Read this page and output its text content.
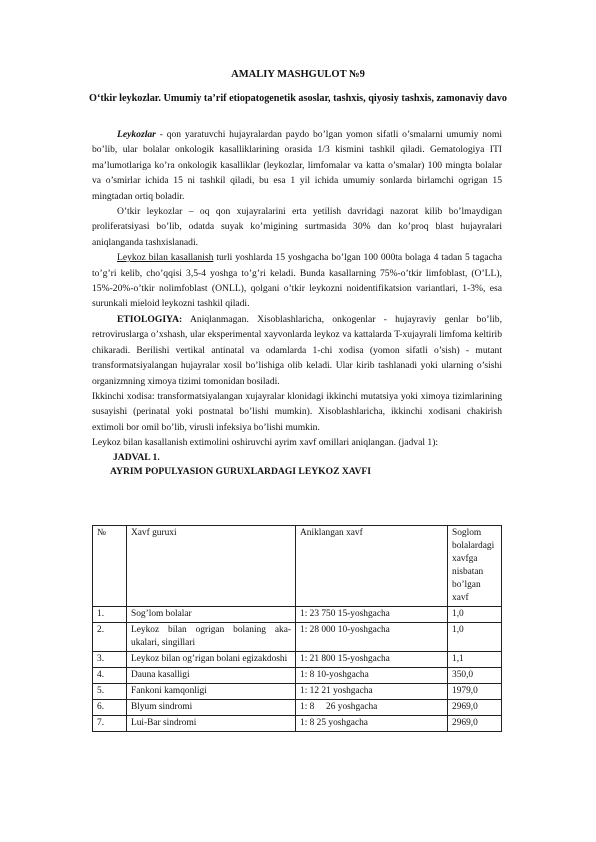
AMALIY MASHGULOT №9
O‘tkir leykozlar. Umumiy ta’rif etiopatogenetik asoslar, tashxis, qiyosiy tashxis, zamonaviy davo

Leykozlar - qon yaratuvchi hujayralardan paydo bo’lgan yomon sifatli o’smalarni umumiy nomi bo’lib, ular bolalar onkologik kasalliklarining orasida 1/3 kismini tashkil qiladi. Gematologiya ITI ma’lumotlariga ko’ra onkologik kasalliklar (leykozlar, limfomalar va katta o’smalar) 100 mingta bolalar va o’smirlar ichida 15 ni tashkil qiladi, bu esa 1 yil ichida umumiy sonlarda birlamchi ogrigan 15 mingtadan ortiq boladir.

O’tkir leykozlar – oq qon xujayralarini erta yetilish davridagi nazorat kilib bo’lmaydigan proliferatsiyasi bo’lib, odatda suyak ko’migining surtmasida 30% dan ko’proq blast hujayralari aniqlanganda tashxislanadi.

Leykoz bilan kasallanish turli yoshlarda 15 yoshgacha bo’lgan 100 000ta bolaga 4 tadan 5 tagacha to’g’ri kelib, cho’qqisi 3,5-4 yoshga to’g’ri keladi. Bunda kasallarning 75%-o’tkir limfoblast, (O’LL), 15%-20%-o’tkir nolimfoblast (ONLL), qolgani o’tkir leykozni noidentifikatsion variantlari, 1-3%, esa surunkali mieloid leykozni tashkil qiladi.

ETIOLOGIYA: Aniqlanmagan. Xisoblashlaricha, onkogenlar - hujayraviy genlar bo’lib, retroviruslarga o’xshash, ular eksperimental xayvonlarda leykoz va kattalarda T-xujayrali limfoma keltirib chikaradi. Berilishi vertikal antinatal va odamlarda 1-chi xodisa (yomon sifatli o’sish) - mutant transformatsiyalangan hujayralar xosil bo’lishiga olib keladi. Ular kirib tashlanadi yoki ularning o’sishi organizmning ximoya tizimi tomonidan bosiladi.

Ikkinchi xodisa: transformatsiyalangan xujayralar klonidagi ikkinchi mutatsiya yoki ximoya tizimlarining susayishi (perinatal yoki postnatal bo’lishi mumkin). Xisoblashlaricha, ikkinchi xodisani chakirish extimoli bor omil bo’lib, virusli infeksiya bo’lishi mumkin.

Leykoz bilan kasallanish extimolini oshiruvchi ayrim xavf omillari aniqlangan. (jadval 1):

JADVAL 1.

AYRIM POPULYASION GURUXLARDAGI LEYKOZ XAVFI

№	Xavf guruxi	Aniklangan xavf	Soglom bolalardagi xavfga nisbatan bo’lgan xavf
1.	Sog’lom bolalar	1: 23 750 15-yoshgacha	1,0
2.	Leykoz bilan ogrigan bolaning aka-ukalari, singillari	1: 28 000 10-yoshgacha	1,0
3.	Leykoz bilan og’rigan bolani egizakdoshi	1: 21 800 15-yoshgacha	1,1
4.	Dauna kasalligi	1: 8 10-yoshgacha	350,0
5.	Fankoni kamqonligi	1: 12 21 yoshgacha	1979,0
6.	Blyum sindromi	1: 8     26 yoshgacha	2969,0
7.	Lui-Bar sindromi	1: 8 25 yoshgacha	2969,0
